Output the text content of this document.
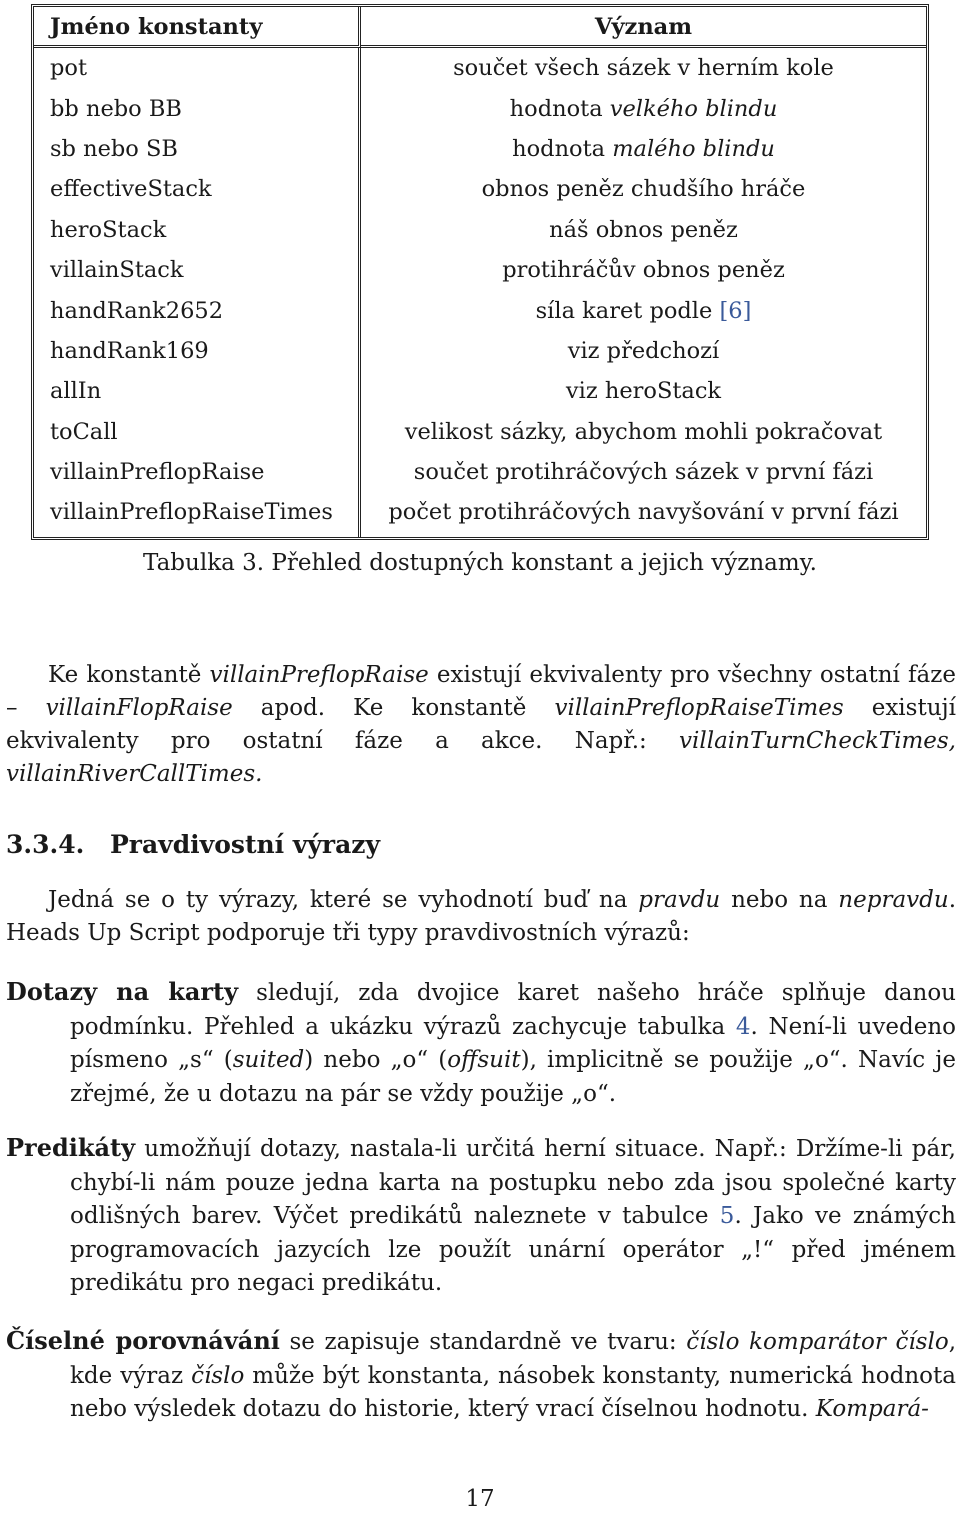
Jméno konstanty	Význam
pot	součet všech sázek v herním kole
bb nebo BB	hodnota velkého blindu
sb nebo SB	hodnota malého blindu
effectiveStack	obnos peněz chudšího hráče
heroStack	náš obnos peněz
villainStack	protihráčův obnos peněz
handRank2652	síla karet podle [6]
handRank169	viz předchozí
allIn	viz heroStack
toCall	velikost sázky, abychom mohli pokračovat
villainPreflopRaise	součet protihráčových sázek v první fázi
villainPreflopRaiseTimes	počet protihráčových navyšování v první fázi
Tabulka 3. Přehled dostupných konstant a jejich významy.

Ke konstantě villainPreflopRaise existují ekvivalenty pro všechny ostatní fáze – villainFlopRaise apod. Ke konstantě villainPreflopRaiseTimes existují ekvivalenty pro ostatní fáze a akce. Např.: villainTurnCheckTimes, villainRiverCallTimes.

3.3.4. Pravdivostní výrazy

Jedná se o ty výrazy, které se vyhodnotí buď na pravdu nebo na nepravdu. Heads Up Script podporuje tři typy pravdivostních výrazů:

Dotazy na karty sledují, zda dvojice karet našeho hráče splňuje danou podmínku. Přehled a ukázku výrazů zachycuje tabulka 4. Není-li uvedeno písmeno „s“ (suited) nebo „o“ (offsuit), implicitně se použije „o“. Navíc je zřejmé, že u dotazu na pár se vždy použije „o“.

Predikáty umožňují dotazy, nastala-li určitá herní situace. Např.: Držíme-li pár, chybí-li nám pouze jedna karta na postupku nebo zda jsou společné karty odlišných barev. Výčet predikátů naleznete v tabulce 5. Jako ve známých programovacích jazycích lze použít unární operátor „!“ před jménem predikátu pro negaci predikátu.

Číselné porovnávání se zapisuje standardně ve tvaru: číslo komparátor číslo, kde výraz číslo může být konstanta, násobek konstanty, numerická hodnota nebo výsledek dotazu do historie, který vrací číselnou hodnotu. Kompará-

17
